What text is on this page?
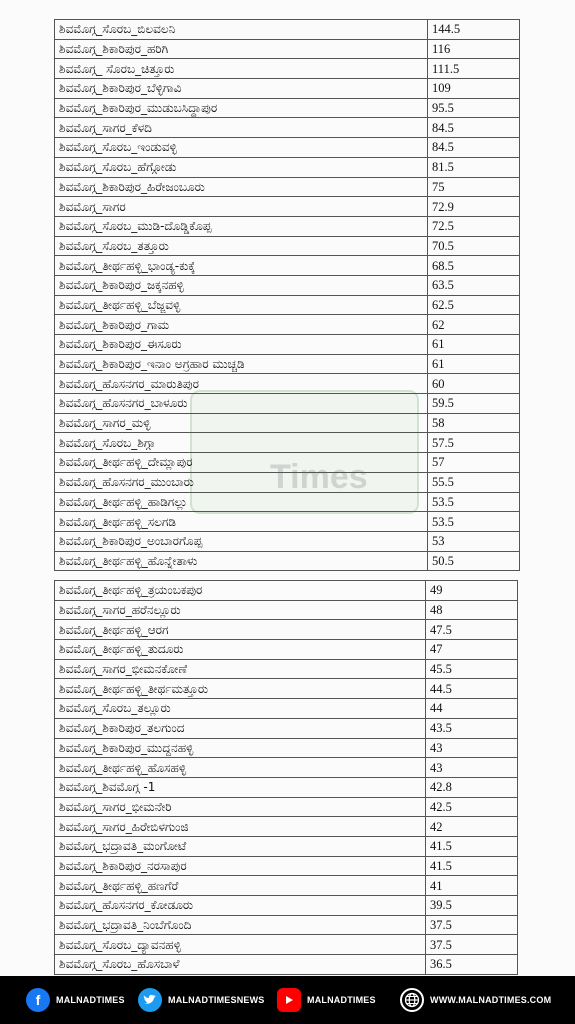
Times
ಶಿವಮೊಗ್ಗ_ಸೊರಬ_ಬಿಲವಲನಿ	144.5
ಶಿವಮೊಗ್ಗ_ಶಿಕಾರಿಪುರ_ಹರಿಗಿ	116
ಶಿವಮೊಗ್ಗ_ ಸೊರಬ_ಚಿತ್ತೂರು	111.5
ಶಿವಮೊಗ್ಗ_ಶಿಕಾರಿಪುರ_ಬೆಳ್ಳಿಗಾವಿ	109
ಶಿವಮೊಗ್ಗ_ಶಿಕಾರಿಪುರ_ಮುಡುಬಸಿದ್ಧಾಪುರ	95.5
ಶಿವಮೊಗ್ಗ_ಸಾಗರ_ಕೆಳದಿ	84.5
ಶಿವಮೊಗ್ಗ_ಸೊರಬ_ಇಂಡುವಳ್ಳಿ	84.5
ಶಿವಮೊಗ್ಗ_ಸೊರಬ_ಹೆಗ್ಗೋಡು	81.5
ಶಿವಮೊಗ್ಗ_ಶಿಕಾರಿಪುರ_ಹಿರೇಜಂಬೂರು	75
ಶಿವಮೊಗ್ಗ_ಸಾಗರ	72.9
ಶಿವಮೊಗ್ಗ_ಸೊರಬ_ಮುಡಿ-ದೊಡ್ಡಿಕೊಪ್ಪ	72.5
ಶಿವಮೊಗ್ಗ_ಸೊರಬ_ತತ್ತೂರು	70.5
ಶಿವಮೊಗ್ಗ_ತೀರ್ಥಹಳ್ಳಿ_ಭಾಂಡ್ಯ-ಕುಕ್ಕೆ	68.5
ಶಿವಮೊಗ್ಗ_ಶಿಕಾರಿಪುರ_ಜಕ್ಕನಹಳ್ಳಿ	63.5
ಶಿವಮೊಗ್ಗ_ತೀರ್ಥಹಳ್ಳಿ_ಬೆಜ್ಜವಳ್ಳಿ	62.5
ಶಿವಮೊಗ್ಗ_ಶಿಕಾರಿಪುರ_ಗಾಮ	62
ಶಿವಮೊಗ್ಗ_ಶಿಕಾರಿಪುರ_ಈಸೂರು	61
ಶಿವಮೊಗ್ಗ_ಶಿಕಾರಿಪುರ_ಇನಾಂ ಅಗ್ರಹಾರ ಮುಚ್ಚಡಿ	61
ಶಿವಮೊಗ್ಗ_ಹೊಸನಗರ_ಮಾರುತಿಪುರ	60
ಶಿವಮೊಗ್ಗ_ಹೊಸನಗರ_ಬಾಳೂರು	59.5
ಶಿವಮೊಗ್ಗ_ಸಾಗರ_ಮಳ್ಳಿ	58
ಶಿವಮೊಗ್ಗ_ಸೊರಬ_ಶಿಗ್ಗಾ	57.5
ಶಿವಮೊಗ್ಗ_ತೀರ್ಥಹಳ್ಳಿ_ದೇಮ್ಲಾಪುರ	57
ಶಿವಮೊಗ್ಗ_ಹೊಸನಗರ_ಮುಂಬಾರು	55.5
ಶಿವಮೊಗ್ಗ_ತೀರ್ಥಹಳ್ಳಿ_ಹಾಡಿಗಲ್ಲು	53.5
ಶಿವಮೊಗ್ಗ_ತೀರ್ಥಹಳ್ಳಿ_ಸಲಗಡಿ	53.5
ಶಿವಮೊಗ್ಗ_ಶಿಕಾರಿಪುರ_ಅಂಬಾರಗೊಪ್ಪ	53
ಶಿವಮೊಗ್ಗ_ತೀರ್ಥಹಳ್ಳಿ_ಹೊನ್ನೇತಾಳು	50.5
ಶಿವಮೊಗ್ಗ_ತೀರ್ಥಹಳ್ಳಿ_ತ್ರಯಂಬಕಪುರ	49
ಶಿವಮೊಗ್ಗ_ಸಾಗರ_ಹರೆನಲ್ಲೂರು	48
ಶಿವಮೊಗ್ಗ_ತೀರ್ಥಹಳ್ಳಿ_ಆರಗ	47.5
ಶಿವಮೊಗ್ಗ_ತೀರ್ಥಹಳ್ಳಿ_ತುದೂರು	47
ಶಿವಮೊಗ್ಗ_ಸಾಗರ_ಭೀಮನಕೋಣೆ	45.5
ಶಿವಮೊಗ್ಗ_ತೀರ್ಥಹಳ್ಳಿ_ತೀರ್ಥಮತ್ತೂರು	44.5
ಶಿವಮೊಗ್ಗ_ಸೊರಬ_ತಲ್ಲೂರು	44
ಶಿವಮೊಗ್ಗ_ಶಿಕಾರಿಪುರ_ತಲಗುಂದ	43.5
ಶಿವಮೊಗ್ಗ_ಶಿಕಾರಿಪುರ_ಮುದ್ದನಹಳ್ಳಿ	43
ಶಿವಮೊಗ್ಗ_ತೀರ್ಥಹಳ್ಳಿ_ಹೊಸಹಳ್ಳಿ	43
ಶಿವಮೊಗ್ಗ_ಶಿವಮೊಗ್ಗ -1	42.8
ಶಿವಮೊಗ್ಗ_ಸಾಗರ_ಭೀಮನೇರಿ	42.5
ಶಿವಮೊಗ್ಗ_ಸಾಗರ_ಹಿರೇಬಿಳಗುಂಜಿ	42
ಶಿವಮೊಗ್ಗ_ಭದ್ರಾವತಿ_ಮಂಗೋಟೆ	41.5
ಶಿವಮೊಗ್ಗ_ಶಿಕಾರಿಪುರ_ನರಸಾಪುರ	41.5
ಶಿವಮೊಗ್ಗ_ತೀರ್ಥಹಳ್ಳಿ_ಹಣಗೆರೆ	41
ಶಿವಮೊಗ್ಗ_ಹೊಸನಗರ_ಕೋಡೂರು	39.5
ಶಿವಮೊಗ್ಗ_ಭದ್ರಾವತಿ_ನಿಂಬೆಗೊಂದಿ	37.5
ಶಿವಮೊಗ್ಗ_ಸೊರಬ_ದ್ಯಾವನಹಳ್ಳಿ	37.5
ಶಿವಮೊಗ್ಗ_ಸೊರಬ_ಹೊಸಬಾಳೆ	36.5
f	MALNADTIMES	MALNADTIMESNEWS	MALNADTIMES	WWW.MALNADTIMES.COM
